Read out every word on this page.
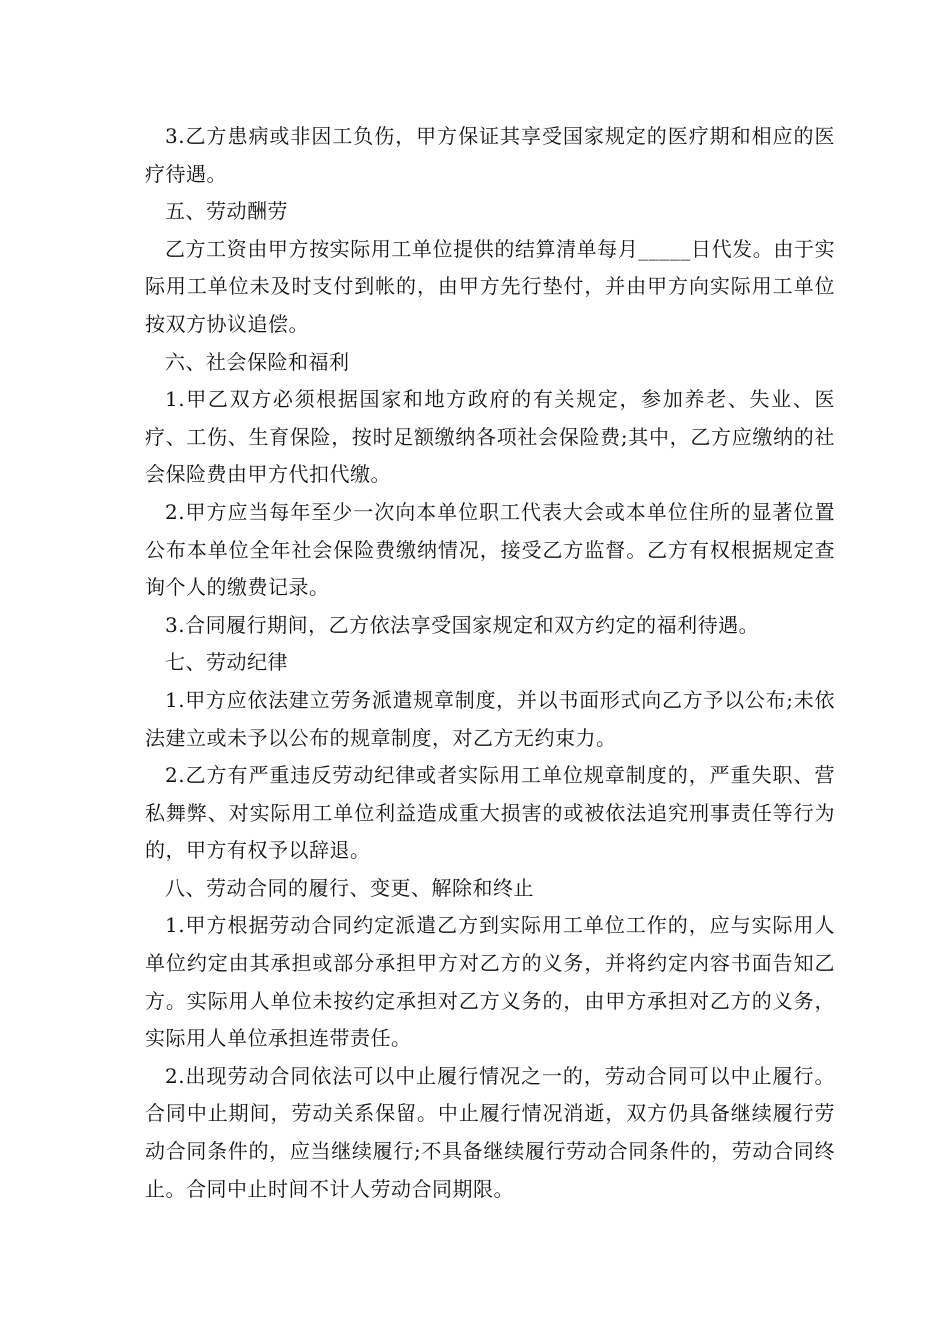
3.乙方患病或非因工负伤，甲方保证其享受国家规定的医疗期和相应的医疗待遇。

五、劳动酬劳

乙方工资由甲方按实际用工单位提供的结算清单每月_____日代发。由于实际用工单位未及时支付到帐的，由甲方先行垫付，并由甲方向实际用工单位按双方协议追偿。

六、社会保险和福利

1.甲乙双方必须根据国家和地方政府的有关规定，参加养老、失业、医疗、工伤、生育保险，按时足额缴纳各项社会保险费;其中，乙方应缴纳的社会保险费由甲方代扣代缴。

2.甲方应当每年至少一次向本单位职工代表大会或本单位住所的显著位置公布本单位全年社会保险费缴纳情况，接受乙方监督。乙方有权根据规定查询个人的缴费记录。

3.合同履行期间，乙方依法享受国家规定和双方约定的福利待遇。

七、劳动纪律

1.甲方应依法建立劳务派遣规章制度，并以书面形式向乙方予以公布;未依法建立或未予以公布的规章制度，对乙方无约束力。

2.乙方有严重违反劳动纪律或者实际用工单位规章制度的，严重失职、营私舞弊、对实际用工单位利益造成重大损害的或被依法追究刑事责任等行为的，甲方有权予以辞退。

八、劳动合同的履行、变更、解除和终止

1.甲方根据劳动合同约定派遣乙方到实际用工单位工作的，应与实际用人单位约定由其承担或部分承担甲方对乙方的义务，并将约定内容书面告知乙方。实际用人单位未按约定承担对乙方义务的，由甲方承担对乙方的义务，实际用人单位承担连带责任。

2.出现劳动合同依法可以中止履行情况之一的，劳动合同可以中止履行。合同中止期间，劳动关系保留。中止履行情况消逝，双方仍具备继续履行劳动合同条件的，应当继续履行;不具备继续履行劳动合同条件的，劳动合同终止。合同中止时间不计人劳动合同期限。
